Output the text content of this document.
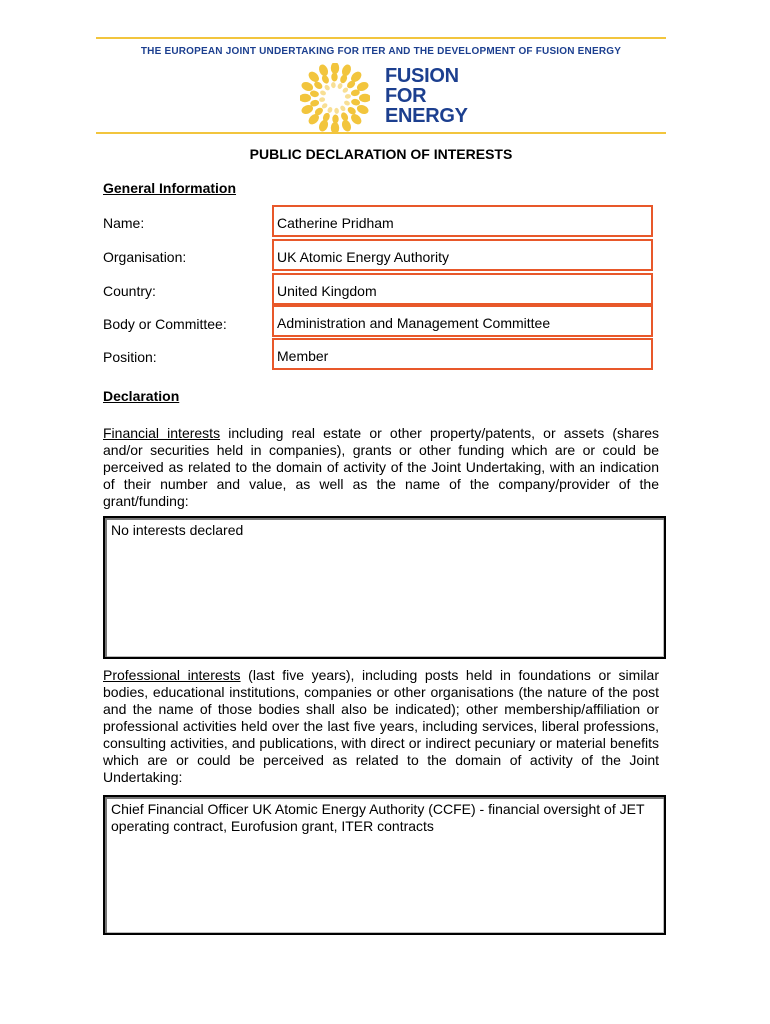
THE EUROPEAN JOINT UNDERTAKING FOR ITER AND THE DEVELOPMENT OF FUSION ENERGY
FUSION
FOR
ENERGY
PUBLIC DECLARATION OF INTERESTS
General Information
Name:	Catherine Pridham
Organisation:	UK Atomic Energy Authority
Country:	United Kingdom
Body or Committee:	Administration and Management Committee
Position:	Member
Declaration

Financial interests including real estate or other property/patents, or assets (shares and/or securities held in companies), grants or other funding which are or could be perceived as related to the domain of activity of the Joint Undertaking, with an indication of their number and value, as well as the name of the company/provider of the grant/funding:

No interests declared

Professional interests (last five years), including posts held in foundations or similar bodies, educational institutions, companies or other organisations (the nature of the post and the name of those bodies shall also be indicated); other membership/affiliation or professional activities held over the last five years, including services, liberal professions, consulting activities, and publications, with direct or indirect pecuniary or material benefits which are or could be perceived as related to the domain of activity of the Joint Undertaking:

Chief Financial Officer UK Atomic Energy Authority (CCFE) - financial oversight of JET operating contract, Eurofusion grant, ITER contracts
